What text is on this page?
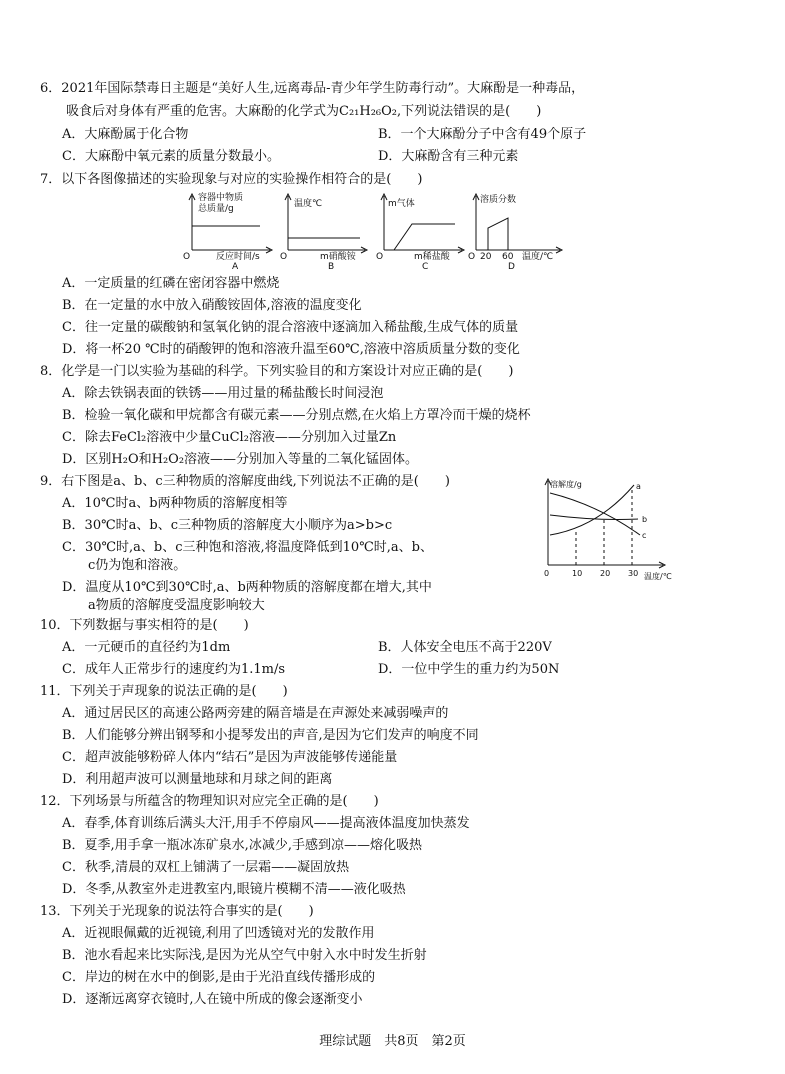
6．2021年国际禁毒日主题是“美好人生,远离毒品-青少年学生防毒行动”。大麻酚是一种毒品，
吸食后对身体有严重的危害。大麻酚的化学式为C₂₁H₂₆O₂,下列说法错误的是(　　)
A．大麻酚属于化合物	B．一个大麻酚分子中含有49个原子
C．大麻酚中氧元素的质量分数最小。	D．大麻酚含有三种元素
7．以下各图像描述的实验现象与对应的实验操作相符合的是(　　)
容器中物质
总质量/g
O	反应时间/s
A
温度℃
O	m硝酸铵
B
m气体
O	m稀盐酸
C
溶质分数
O 20 60 温度/℃
D
A．一定质量的红磷在密闭容器中燃烧
B．在一定量的水中放入硝酸铵固体,溶液的温度变化
C．往一定量的碳酸钠和氢氧化钠的混合溶液中逐滴加入稀盐酸,生成气体的质量
D．将一杯20 ℃时的硝酸钾的饱和溶液升温至60℃,溶液中溶质质量分数的变化
8．化学是一门以实验为基础的科学。下列实验目的和方案设计对应正确的是(　　)
A．除去铁锅表面的铁锈——用过量的稀盐酸长时间浸泡
B．检验一氧化碳和甲烷都含有碳元素——分别点燃,在火焰上方罩冷而干燥的烧杯
C．除去FeCl₂溶液中少量CuCl₂溶液——分别加入过量Zn
D．区别H₂O和H₂O₂溶液——分别加入等量的二氧化锰固体。
9．右下图是a、b、c三种物质的溶解度曲线,下列说法不正确的是(　　)
A．10℃时a、b两种物质的溶解度相等
B．30℃时a、b、c三种物质的溶解度大小顺序为a>b>c
C．30℃时,a、b、c三种饱和溶液,将温度降低到10℃时,a、b、
c仍为饱和溶液。
D．温度从10℃到30℃时,a、b两种物质的溶解度都在增大,其中
a物质的溶解度受温度影响较大
溶解度/g
0	10 20 30 温度/℃
a
b
c
10．下列数据与事实相符的是(　　)
A．一元硬币的直径约为1dm	B．人体安全电压不高于220V
C．成年人正常步行的速度约为1.1m/s	D．一位中学生的重力约为50N
11．下列关于声现象的说法正确的是(　　)
A．通过居民区的高速公路两旁建的隔音墙是在声源处来减弱噪声的
B．人们能够分辨出钢琴和小提琴发出的声音,是因为它们发声的响度不同
C．超声波能够粉碎人体内“结石”是因为声波能够传递能量
D．利用超声波可以测量地球和月球之间的距离
12．下列场景与所蕴含的物理知识对应完全正确的是(　　)
A．春季,体育训练后满头大汗,用手不停扇风——提高液体温度加快蒸发
B．夏季,用手拿一瓶冰冻矿泉水,冰减少,手感到凉——熔化吸热
C．秋季,清晨的双杠上铺满了一层霜——凝固放热
D．冬季,从教室外走进教室内,眼镜片模糊不清——液化吸热
13．下列关于光现象的说法符合事实的是(　　)
A．近视眼佩戴的近视镜,利用了凹透镜对光的发散作用
B．池水看起来比实际浅,是因为光从空气中射入水中时发生折射
C．岸边的树在水中的倒影,是由于光沿直线传播形成的
D．逐渐远离穿衣镜时,人在镜中所成的像会逐渐变小
理综试题　共8页　第2页
